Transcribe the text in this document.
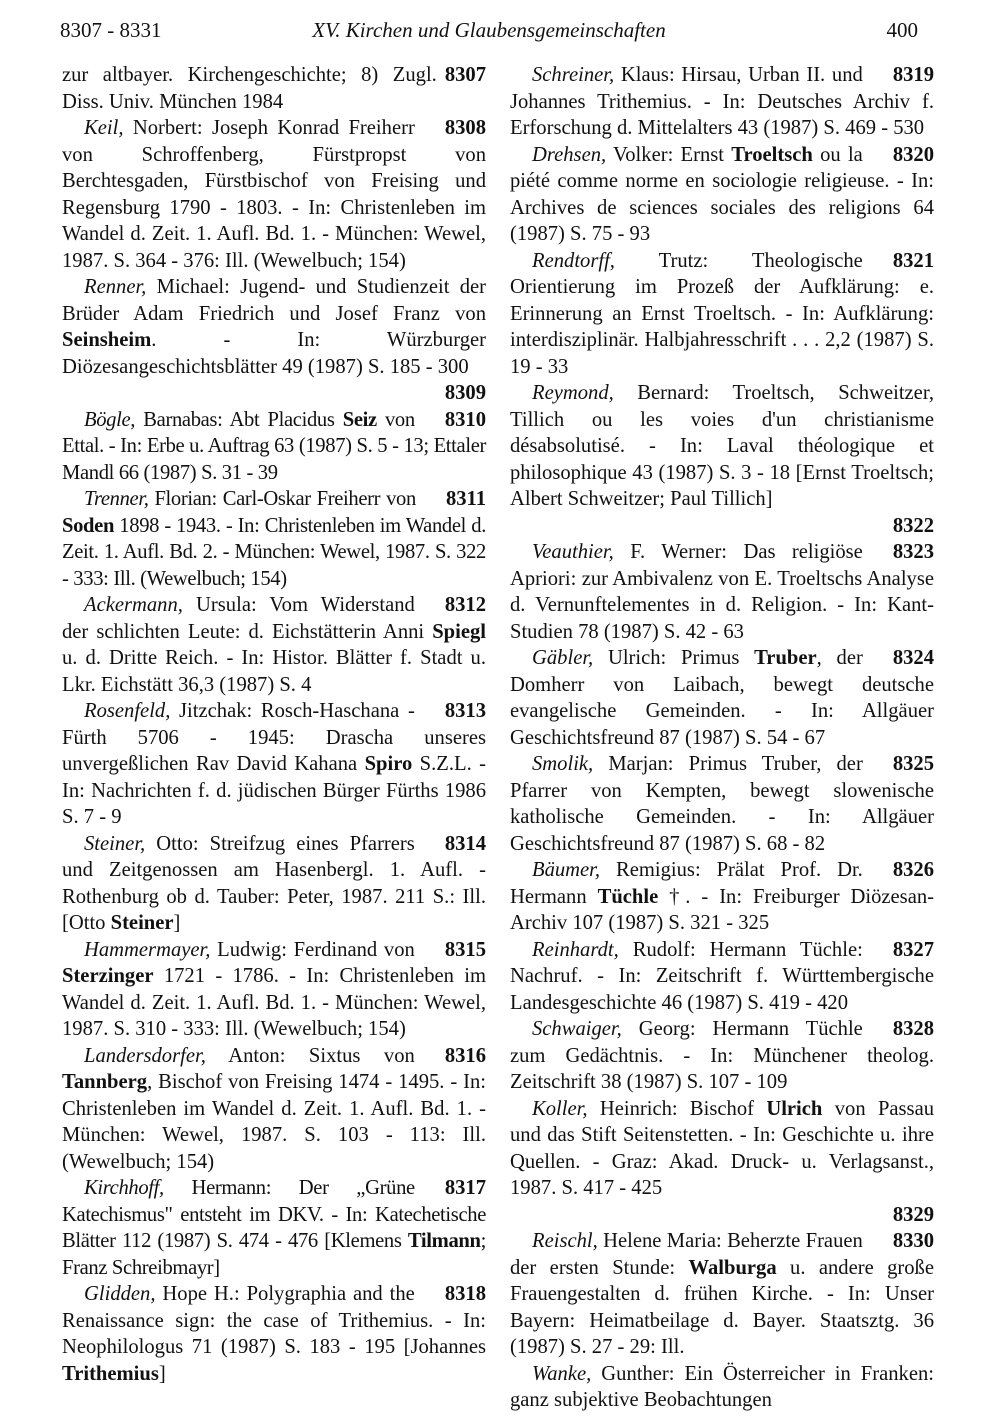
8307 - 8331	XV. Kirchen und Glaubensgemeinschaften	400

8307
zur altbayer. Kirchengeschichte; 8) Zugl. Diss. Univ. München 1984

8308
Keil, Norbert: Joseph Konrad Freiherr von Schroffenberg, Fürstpropst von Berchtesgaden, Fürstbischof von Freising und Regensburg 1790 - 1803. - In: Christenleben im Wandel d. Zeit. 1. Aufl. Bd. 1. - München: Wewel, 1987. S. 364 - 376: Ill. (Wewelbuch; 154)

Renner, Michael: Jugend- und Studienzeit der Brüder Adam Friedrich und Josef Franz von Seinsheim. - In: Würzburger Diözesangeschichtsblätter 49 (1987) S. 185 - 300
8309

8310
Bögle, Barnabas: Abt Placidus Seiz von Ettal. - In: Erbe u. Auftrag 63 (1987) S. 5 - 13; Ettaler Mandl 66 (1987) S. 31 - 39

8311
Trenner, Florian: Carl-Oskar Freiherr von Soden 1898 - 1943. - In: Christenleben im Wandel d. Zeit. 1. Aufl. Bd. 2. - München: Wewel, 1987. S. 322 - 333: Ill. (Wewelbuch; 154)

8312
Ackermann, Ursula: Vom Widerstand der schlichten Leute: d. Eichstätterin Anni Spiegl u. d. Dritte Reich. - In: Histor. Blätter f. Stadt u. Lkr. Eichstätt 36,3 (1987) S. 4

8313
Rosenfeld, Jitzchak: Rosch-Haschana - Fürth 5706 - 1945: Drascha unseres unvergeßlichen Rav David Kahana Spiro S.Z.L. - In: Nachrichten f. d. jüdischen Bürger Fürths 1986 S. 7 - 9

8314
Steiner, Otto: Streifzug eines Pfarrers und Zeitgenossen am Hasenbergl. 1. Aufl. - Rothenburg ob d. Tauber: Peter, 1987. 211 S.: Ill. [Otto Steiner]

8315
Hammermayer, Ludwig: Ferdinand von Sterzinger 1721 - 1786. - In: Christenleben im Wandel d. Zeit. 1. Aufl. Bd. 1. - München: Wewel, 1987. S. 310 - 333: Ill. (Wewelbuch; 154)

8316
Landersdorfer, Anton: Sixtus von Tannberg, Bischof von Freising 1474 - 1495. - In: Christenleben im Wandel d. Zeit. 1. Aufl. Bd. 1. - München: Wewel, 1987. S. 103 - 113: Ill. (Wewelbuch; 154)

8317
Kirchhoff, Hermann: Der „Grüne Katechismus" entsteht im DKV. - In: Katechetische Blätter 112 (1987) S. 474 - 476 [Klemens Tilmann; Franz Schreibmayr]

8318
Glidden, Hope H.: Polygraphia and the Renaissance sign: the case of Trithemius. - In: Neophilologus 71 (1987) S. 183 - 195 [Johannes Trithemius]

8319
Schreiner, Klaus: Hirsau, Urban II. und Johannes Trithemius. - In: Deutsches Archiv f. Erforschung d. Mittelalters 43 (1987) S. 469 - 530

8320
Drehsen, Volker: Ernst Troeltsch ou la piété comme norme en sociologie religieuse. - In: Archives de sciences sociales des religions 64 (1987) S. 75 - 93

8321
Rendtorff, Trutz: Theologische Orientierung im Prozeß der Aufklärung: e. Erinnerung an Ernst Troeltsch. - In: Aufklärung: interdisziplinär. Halbjahresschrift . . . 2,2 (1987) S. 19 - 33

Reymond, Bernard: Troeltsch, Schweitzer, Tillich ou les voies d'un christianisme désabsolutisé. - In: Laval théologique et philosophique 43 (1987) S. 3 - 18 [Ernst Troeltsch; Albert Schweitzer; Paul Tillich]
8322

8323
Veauthier, F. Werner: Das religiöse Apriori: zur Ambivalenz von E. Troeltschs Analyse d. Vernunftelementes in d. Religion. - In: Kant-Studien 78 (1987) S. 42 - 63

8324
Gäbler, Ulrich: Primus Truber, der Domherr von Laibach, bewegt deutsche evangelische Gemeinden. - In: Allgäuer Geschichtsfreund 87 (1987) S. 54 - 67

8325
Smolik, Marjan: Primus Truber, der Pfarrer von Kempten, bewegt slowenische katholische Gemeinden. - In: Allgäuer Geschichtsfreund 87 (1987) S. 68 - 82

8326
Bäumer, Remigius: Prälat Prof. Dr. Hermann Tüchle †. - In: Freiburger Diözesan-Archiv 107 (1987) S. 321 - 325

8327
Reinhardt, Rudolf: Hermann Tüchle: Nachruf. - In: Zeitschrift f. Württembergische Landesgeschichte 46 (1987) S. 419 - 420

8328
Schwaiger, Georg: Hermann Tüchle zum Gedächtnis. - In: Münchener theolog. Zeitschrift 38 (1987) S. 107 - 109

Koller, Heinrich: Bischof Ulrich von Passau und das Stift Seitenstetten. - In: Geschichte u. ihre Quellen. - Graz: Akad. Druck- u. Verlagsanst., 1987. S. 417 - 425
8329

8330
Reischl, Helene Maria: Beherzte Frauen der ersten Stunde: Walburga u. andere große Frauengestalten d. frühen Kirche. - In: Unser Bayern: Heimatbeilage d. Bayer. Staatsztg. 36 (1987) S. 27 - 29: Ill.

Wanke, Gunther: Ein Österreicher in Franken: ganz subjektive Beobachtungen
